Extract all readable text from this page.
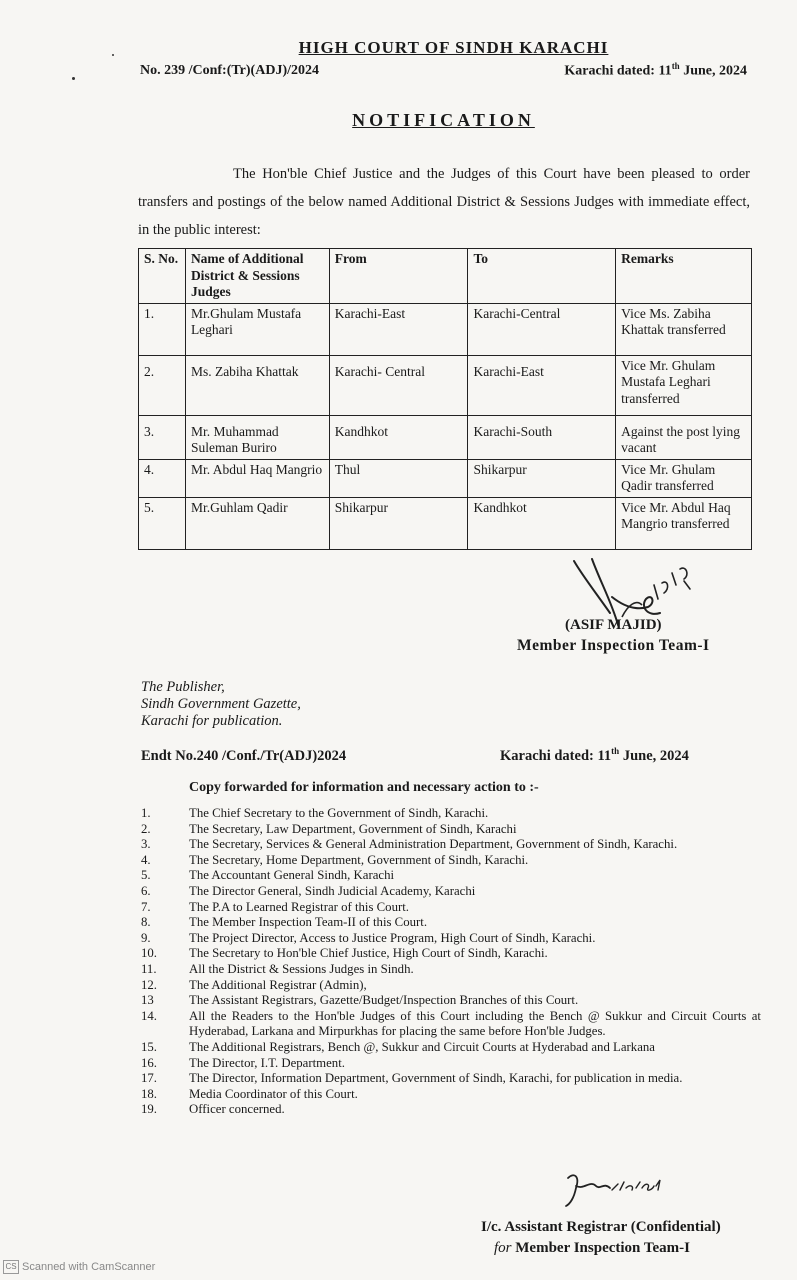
HIGH COURT OF SINDH KARACHI
No. 239 /Conf:(Tr)(ADJ)/2024	Karachi dated: 11th June, 2024
NOTIFICATION
The Hon'ble Chief Justice and the Judges of this Court have been pleased to order transfers and postings of the below named Additional District & Sessions Judges with immediate effect, in the public interest:
S. No.	Name of Additional District & Sessions Judges	From	To	Remarks
1.	Mr.Ghulam Mustafa Leghari	Karachi-East	Karachi-Central	Vice Ms. Zabiha Khattak transferred
2.	Ms. Zabiha Khattak	Karachi- Central	Karachi-East	Vice Mr. Ghulam Mustafa Leghari transferred
3.	Mr. Muhammad Suleman Buriro	Kandhkot	Karachi-South	Against the post lying vacant
4.	Mr. Abdul Haq Mangrio	Thul	Shikarpur	Vice Mr. Ghulam Qadir transferred
5.	Mr.Guhlam Qadir	Shikarpur	Kandhkot	Vice Mr. Abdul Haq Mangrio transferred
(ASIF MAJID)
Member Inspection Team-I
The Publisher,
Sindh Government Gazette,
Karachi for publication.
Endt No.240 /Conf./Tr(ADJ)2024	Karachi dated: 11th June, 2024
Copy forwarded for information and necessary action to :-
1.	The Chief Secretary to the Government of Sindh, Karachi.
2.	The Secretary, Law Department, Government of Sindh, Karachi
3.	The Secretary, Services & General Administration Department, Government of Sindh, Karachi.
4.	The Secretary, Home Department, Government of Sindh, Karachi.
5.	The Accountant General Sindh, Karachi
6.	The Director General, Sindh Judicial Academy, Karachi
7.	The P.A to Learned Registrar of this Court.
8.	The Member Inspection Team-II of this Court.
9.	The Project Director, Access to Justice Program, High Court of Sindh, Karachi.
10.	The Secretary to Hon'ble Chief Justice, High Court of Sindh, Karachi.
11.	All the District & Sessions Judges in Sindh.
12.	The Additional Registrar (Admin),
13	The Assistant Registrars, Gazette/Budget/Inspection Branches of this Court.
14.	All the Readers to the Hon'ble Judges of this Court including the Bench @ Sukkur and Circuit Courts at Hyderabad, Larkana and Mirpurkhas for placing the same before Hon'ble Judges.
15.	The Additional Registrars, Bench @, Sukkur and Circuit Courts at Hyderabad and Larkana
16.	The Director, I.T. Department.
17.	The Director, Information Department, Government of Sindh, Karachi, for publication in media.
18.	Media Coordinator of this Court.
19.	Officer concerned.
I/c. Assistant Registrar (Confidential)
for Member Inspection Team-I
CS Scanned with CamScanner
